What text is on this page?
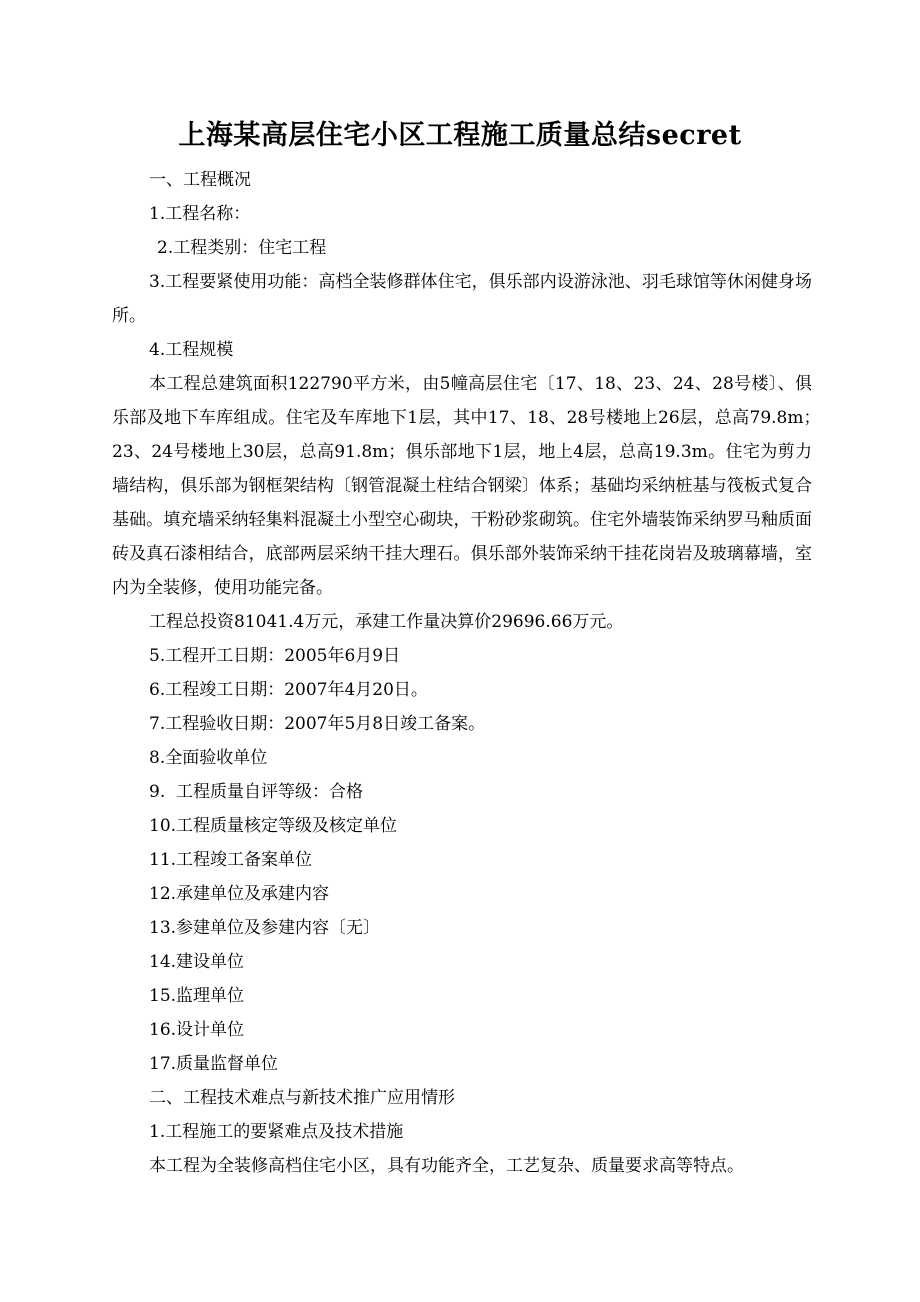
上海某高层住宅小区工程施工质量总结secret

一、工程概况

1.工程名称：

2.工程类别：住宅工程

3.工程要紧使用功能：高档全装修群体住宅，俱乐部内设游泳池、羽毛球馆等休闲健身场所。

4.工程规模

本工程总建筑面积122790平方米，由5幢高层住宅〔17、18、23、24、28号楼〕、俱乐部及地下车库组成。住宅及车库地下1层，其中17、18、28号楼地上26层，总高79.8m；　　23、24号楼地上30层，总高91.8m；俱乐部地下1层，地上4层，总高19.3m。住宅为剪力墙结构，俱乐部为钢框架结构〔钢管混凝土柱结合钢梁〕体系；基础均采纳桩基与筏板式复合基础。填充墙采纳轻集料混凝土小型空心砌块，干粉砂浆砌筑。住宅外墙装饰采纳罗马釉质面砖及真石漆相结合，底部两层采纳干挂大理石。俱乐部外装饰采纳干挂花岗岩及玻璃幕墙，室内为全装修，使用功能完备。

工程总投资81041.4万元，承建工作量决算价29696.66万元。

5.工程开工日期：2005年6月9日

6.工程竣工日期：2007年4月20日。

7.工程验收日期：2007年5月8日竣工备案。

8.全面验收单位

9.  工程质量自评等级：合格

10.工程质量核定等级及核定单位

11.工程竣工备案单位

12.承建单位及承建内容

13.参建单位及参建内容〔无〕

14.建设单位

15.监理单位

16.设计单位

17.质量监督单位

二、工程技术难点与新技术推广应用情形

1.工程施工的要紧难点及技术措施

本工程为全装修高档住宅小区，具有功能齐全，工艺复杂、质量要求高等特点。
